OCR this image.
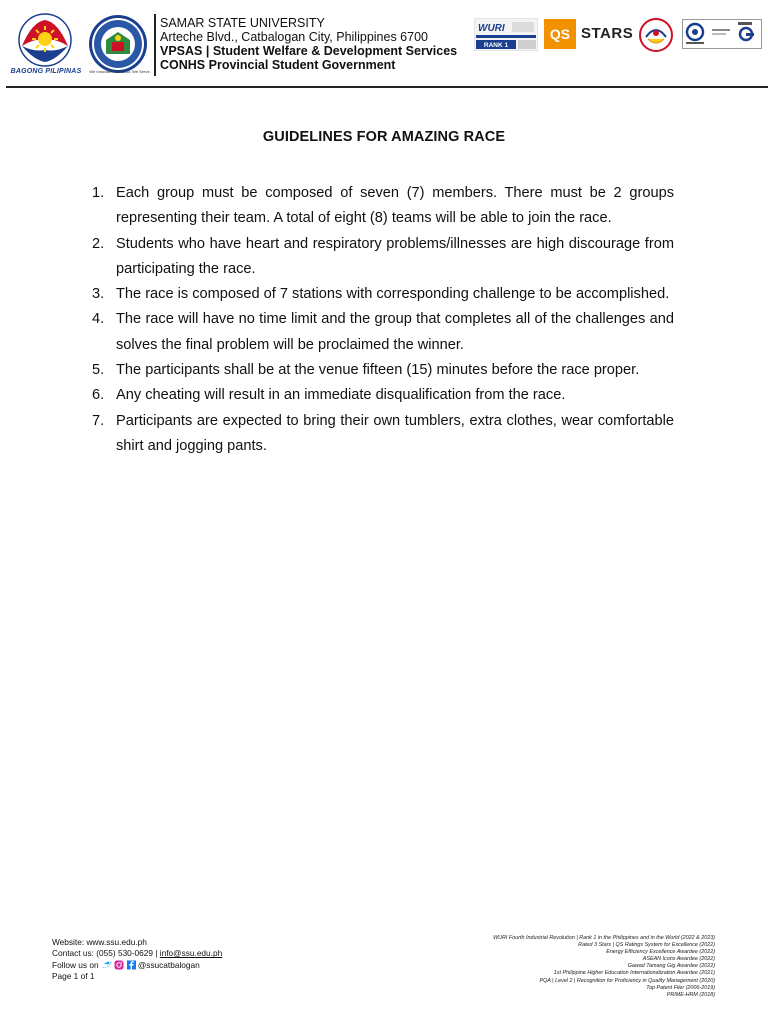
BAGONG PILIPINAS	We Innovate. We Build. We Serve.
SAMAR STATE UNIVERSITY
Arteche Blvd., Catbalogan City, Philippines 6700
VPSAS | Student Welfare & Development Services
CONHS Provincial Student Government
WURI
RANK 1
QS STARS
GUIDELINES FOR AMAZING RACE
1. Each group must be composed of seven (7) members. There must be 2 groups representing their team. A total of eight (8) teams will be able to join the race.
2. Students who have heart and respiratory problems/illnesses are high discourage from participating the race.
3. The race is composed of 7 stations with corresponding challenge to be accomplished.
4. The race will have no time limit and the group that completes all of the challenges and solves the final problem will be proclaimed the winner.
5. The participants shall be at the venue fifteen (15) minutes before the race proper.
6. Any cheating will result in an immediate disqualification from the race.
7. Participants are expected to bring their own tumblers, extra clothes, wear comfortable shirt and jogging pants.
Website: www.ssu.edu.ph
Contact us: (055) 530-0629 | info@ssu.edu.ph
Follow us on	@ssucatbalogan
Page 1 of 1
WURI Fourth Industrial Revolution | Rank 1 in the Philippines and in the World (2022 & 2023)
Rated 3 Stars | QS Ratings System for Excellence (2022)
Energy Efficiency Excellence Awardee (2022)
ASEAN Icons Awardee (2022)
Gawad Tamang Gig Awardee (2022)
1st Philippine Higher Education Internationalization Awardee (2021)
PQA | Level 2 | Recognition for Proficiency in Quality Management (2020)
Top Patent Filer (2006-2019)
PRIME-HRM (2018)
